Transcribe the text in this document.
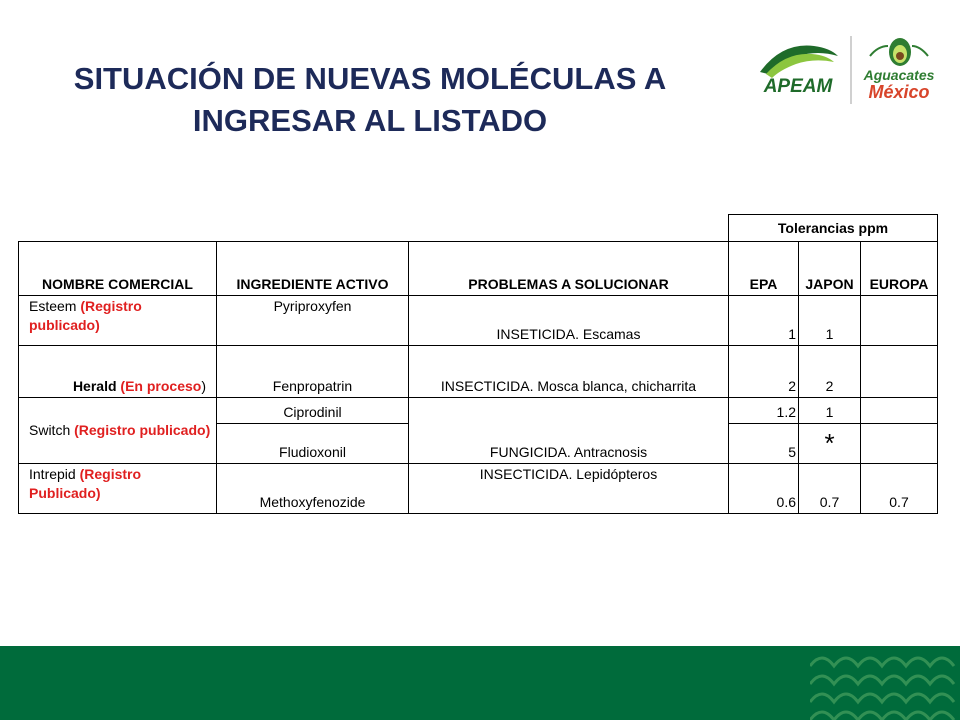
SITUACIÓN DE NUEVAS MOLÉCULAS A
INGRESAR AL LISTADO
APEAM
Aguacates
México
			Tolerancias ppm		
NOMBRE COMERCIAL	INGREDIENTE ACTIVO	PROBLEMAS A SOLUCIONAR	EPA	JAPON	EUROPA
Esteem (Registro publicado)	Pyriproxyfen	INSETICIDA. Escamas	1	1	
Herald (En proceso)	Fenpropatrin	INSECTICIDA. Mosca blanca, chicharrita	2	2	
Switch (Registro publicado)	Ciprodinil	FUNGICIDA. Antracnosis	1.2	1	
	Fludioxonil		5	*	
Intrepid (Registro Publicado)	Methoxyfenozide	INSECTICIDA. Lepidópteros	0.6	0.7	0.7
